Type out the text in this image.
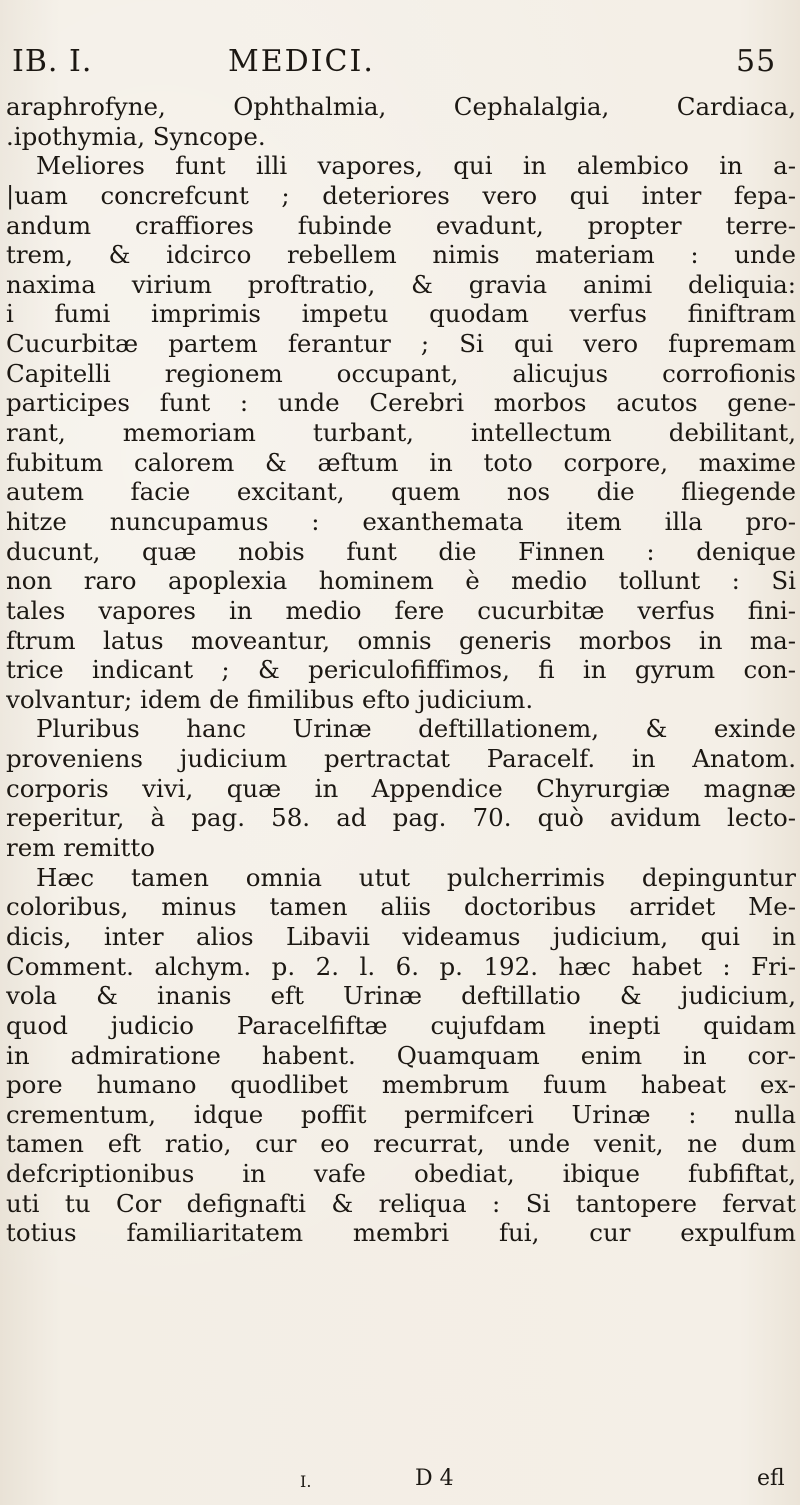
IB. I.	MEDICI.	55
araphrofyne, Ophthalmia, Cephalalgia, Cardiaca,
.ipothymia, Syncope.
Meliores funt illi vapores, qui in alembico in a-
|uam concrefcunt ; deteriores vero qui inter fepa-
andum craffiores fubinde evadunt, propter terre-
trem, & idcirco rebellem nimis materiam : unde
naxima virium proftratio, & gravia animi deliquia:
i fumi imprimis impetu quodam verfus finiftram
Cucurbitæ partem ferantur ; Si qui vero fupremam
Capitelli regionem occupant, alicujus corrofionis
participes funt : unde Cerebri morbos acutos gene-
rant, memoriam turbant, intellectum debilitant,
fubitum calorem & æftum in toto corpore, maxime
autem facie excitant, quem nos die fliegende
hitze nuncupamus : exanthemata item illa pro-
ducunt, quæ nobis funt die Finnen : denique
non raro apoplexia hominem è medio tollunt : Si
tales vapores in medio fere cucurbitæ verfus fini-
ftrum latus moveantur, omnis generis morbos in ma-
trice indicant ; & periculofiffimos, fi in gyrum con-
volvantur; idem de fimilibus efto judicium.
Pluribus hanc Urinæ deftillationem, & exinde
proveniens judicium pertractat Paracelf. in Anatom.
corporis vivi, quæ in Appendice Chyrurgiæ magnæ
reperitur, à pag. 58. ad pag. 70. quò avidum lecto-
rem remitto
Hæc tamen omnia utut pulcherrimis depinguntur
coloribus, minus tamen aliis doctoribus arridet Me-
dicis, inter alios Libavii videamus judicium, qui in
Comment. alchym. p. 2. l. 6. p. 192. hæc habet : Fri-
vola & inanis eft Urinæ deftillatio & judicium,
quod judicio Paracelfiftæ cujufdam inepti quidam
in admiratione habent. Quamquam enim in cor-
pore humano quodlibet membrum fuum habeat ex-
crementum, idque poffit permifceri Urinæ : nulla
tamen eft ratio, cur eo recurrat, unde venit, ne dum
defcriptionibus in vafe obediat, ibique fubfiftat,
uti tu Cor defignafti & reliqua : Si tantopere fervat
totius familiaritatem membri fui, cur expulfum
I.	D 4	efl
